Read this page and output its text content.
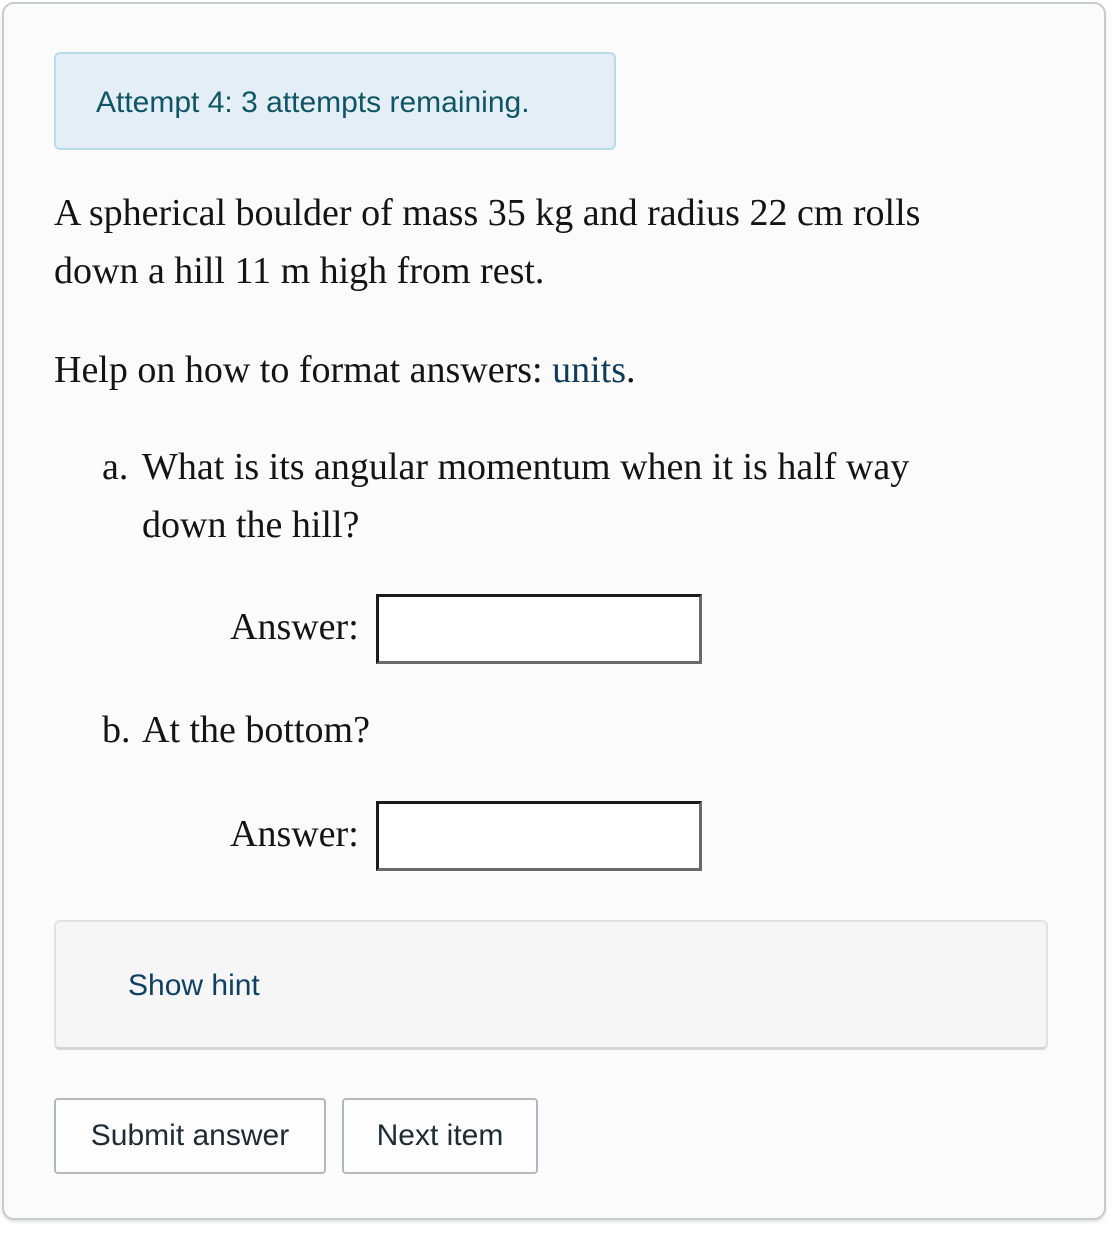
Attempt 4: 3 attempts remaining.

A spherical boulder of mass 35 kg and radius 22 cm rolls down a hill 11 m high from rest.

Help on how to format answers: units.

a. What is its angular momentum when it is half way down the hill?
Answer:
b. At the bottom?
Answer:
Show hint
Submit answer	Next item
